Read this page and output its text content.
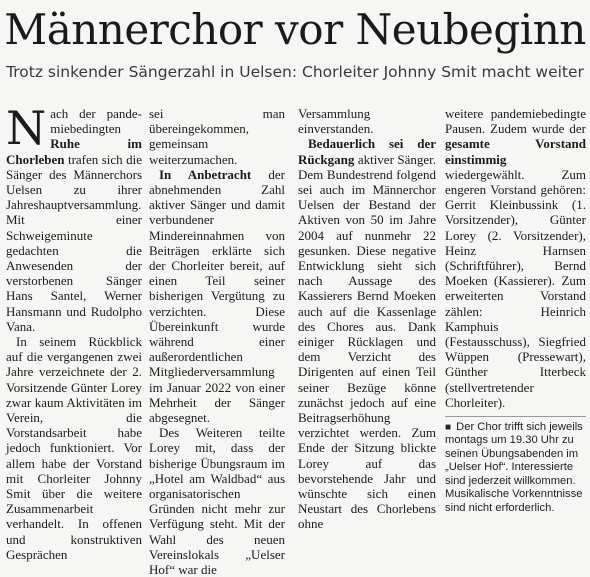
Männerchor vor Neubeginn
Trotz sinkender Sängerzahl in Uelsen: Chorleiter Johnny Smit macht weiter

Nach der pande-miebedingten Ruhe im Chorleben trafen sich die Sänger des Männerchors Uelsen zu ihrer Jahreshauptversammlung. Mit einer Schweigeminute gedachten die Anwesenden der verstorbenen Sänger Hans Santel, Werner Hansmann und Rudolpho Vana.

In seinem Rückblick auf die vergangenen zwei Jahre verzeichnete der 2. Vorsitzende Günter Lorey zwar kaum Aktivitäten im Verein, die Vorstandsarbeit habe jedoch funktioniert. Vor allem habe der Vorstand mit Chorleiter Johnny Smit über die weitere Zusammenarbeit verhandelt. In offenen und konstruktiven Gesprächen

sei man übereingekommen, gemeinsam weiterzumachen.

In Anbetracht der abnehmenden Zahl aktiver Sänger und damit verbundener Mindereinnahmen von Beiträgen erklärte sich der Chorleiter bereit, auf einen Teil seiner bisherigen Vergütung zu verzichten. Diese Übereinkunft wurde während einer außerordentlichen Mitgliederversammlung im Januar 2022 von einer Mehrheit der Sänger abgesegnet.

Des Weiteren teilte Lorey mit, dass der bisherige Übungsraum im „Hotel am Waldbad“ aus organisatorischen Gründen nicht mehr zur Verfügung steht. Mit der Wahl des neuen Vereinslokals „Uelser Hof“ war die

Versammlung einverstanden.

Bedauerlich sei der Rückgang aktiver Sänger. Dem Bundestrend folgend sei auch im Männerchor Uelsen der Bestand der Aktiven von 50 im Jahre 2004 auf nunmehr 22 gesunken. Diese negative Entwicklung sieht sich nach Aussage des Kassierers Bernd Moeken auch auf die Kassenlage des Chores aus. Dank einiger Rücklagen und dem Verzicht des Dirigenten auf einen Teil seiner Bezüge könne zunächst jedoch auf eine Beitragserhöhung verzichtet werden. Zum Ende der Sitzung blickte Lorey auf das bevorstehende Jahr und wünschte sich einen Neustart des Chorlebens ohne

weitere pandemiebedingte Pausen. Zudem wurde der gesamte Vorstand einstimmig wiedergewählt. Zum engeren Vorstand gehören: Gerrit Kleinbussink (1. Vorsitzender), Günter Lorey (2. Vorsitzender), Heinz Harnsen (Schriftführer), Bernd Moeken (Kassierer). Zum erweiterten Vorstand zählen: Heinrich Kamphuis (Festausschuss), Siegfried Wüppen (Pressewart), Günther Itterbeck (stellvertretender Chorleiter).

■ Der Chor trifft sich jeweils montags um 19.30 Uhr zu seinen Übungsabenden im „Uelser Hof“. Interessierte sind jederzeit willkommen. Musikalische Vorkenntnisse sind nicht erforderlich.
